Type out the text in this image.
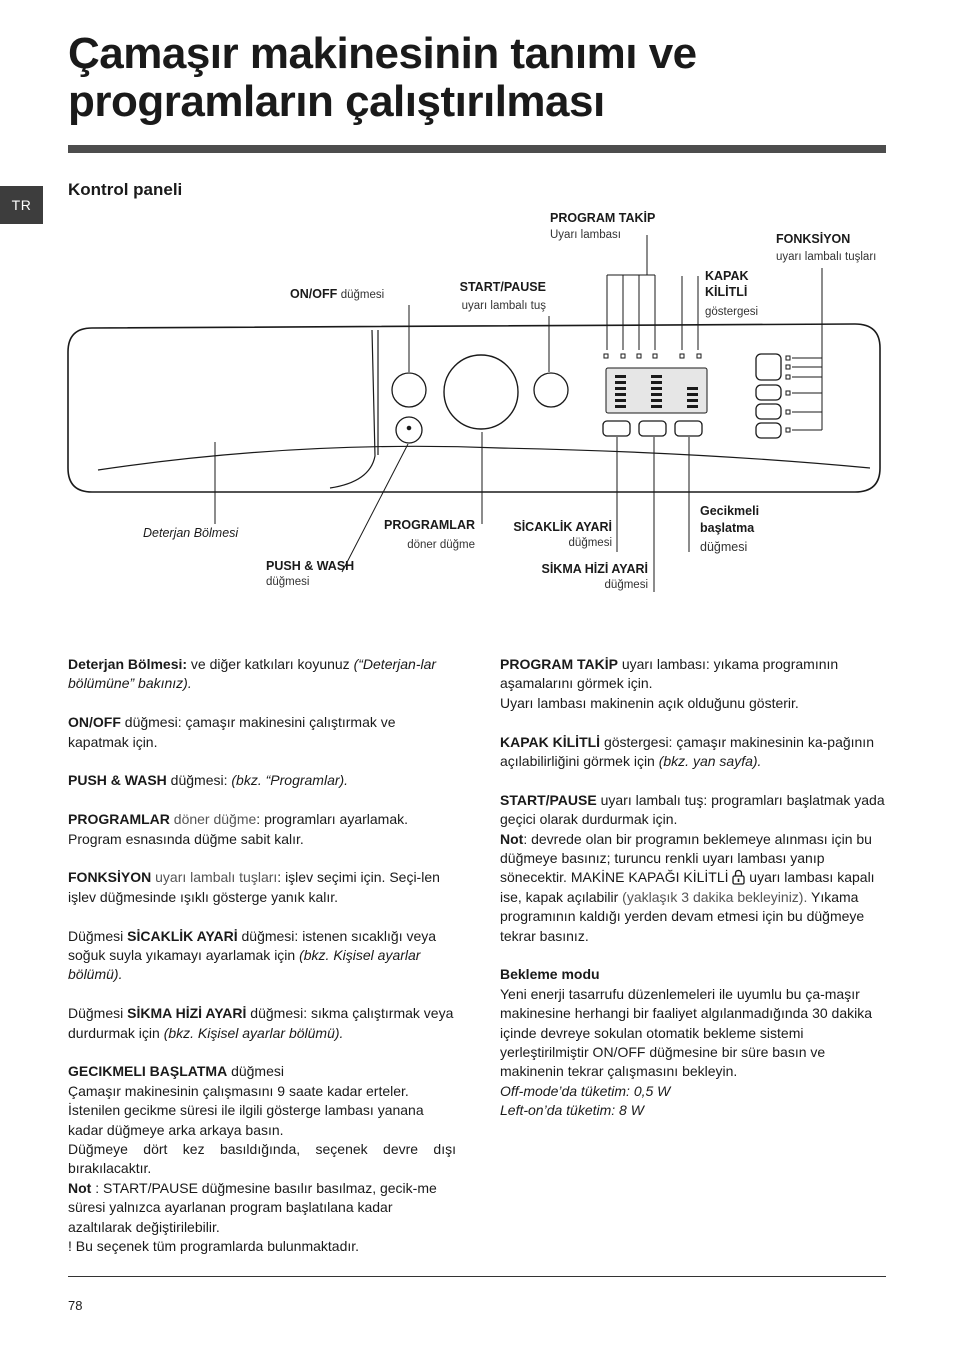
TR
Çamaşır makinesinin tanımı ve
programların çalıştırılması
Kontrol paneli
PROGRAM TAKİP
Uyarı lambası	FONKSİYON
uyarı lambalı tuşları
KAPAK
KİLİTLİ
göstergesi
START/PAUSE
uyarı lambalı tuş
ON/OFF düğmesi
Deterjan Bölmesi
PROGRAMLAR
döner düğme
PUSH & WASH
düğmesi
SİCAKLİK AYARİ
düğmesi
SİKMA HİZİ AYARİ
düğmesi
Gecikmeli
başlatma
düğmesi

Deterjan Bölmesi: ve diğer katkıları koyunuz (“Deterjan-lar bölümüne” bakınız).

ON/OFF düğmesi: çamaşır makinesini çalıştırmak ve kapatmak için.

PUSH & WASH düğmesi: (bkz. “Programlar).

PROGRAMLAR döner düğme: programları ayarlamak. Program esnasında düğme sabit kalır.

FONKSİYON uyarı lambalı tuşları: işlev seçimi için. Seçi-len işlev düğmesinde ışıklı gösterge yanık kalır.

Düğmesi SİCAKLİK AYARİ düğmesi: istenen sıcaklığı veya soğuk suyla yıkamayı ayarlamak için (bkz. Kişisel ayarlar bölümü).

Düğmesi SİKMA HİZİ AYARİ düğmesi: sıkma çalıştırmak veya durdurmak için (bkz. Kişisel ayarlar bölümü).

GECIKMELI BAŞLATMA düğmesi

Çamaşır makinesinin çalışmasını 9 saate kadar erteler. İstenilen gecikme süresi ile ilgili gösterge lambası yanana kadar düğmeye arka arkaya basın.

Düğmeye dört kez basıldığında, seçenek devre dışı bırakılacaktır.

Not : START/PAUSE düğmesine basılır basılmaz, gecik-me süresi yalnızca ayarlanan program başlatılana kadar azaltılarak değiştirilebilir.

! Bu seçenek tüm programlarda bulunmaktadır.

PROGRAM TAKİP uyarı lambası: yıkama programının aşamalarını görmek için.
Uyarı lambası makinenin açık olduğunu gösterir.

KAPAK KİLİTLİ göstergesi: çamaşır makinesinin ka-pağının açılabilirliğini görmek için (bkz. yan sayfa).

START/PAUSE uyarı lambalı tuş: programları başlatmak yada geçici olarak durdurmak için.
Not: devrede olan bir programın beklemeye alınması için bu düğmeye basınız; turuncu renkli uyarı lambası yanıp sönecektir. MAKİNE KAPAĞI KİLİTLİ  uyarı lambası kapalı ise, kapak açılabilir (yaklaşık 3 dakika bekleyiniz). Yıkama programının kaldığı yerden devam etmesi için bu düğmeye tekrar basınız.

Bekleme modu

Yeni enerji tasarrufu düzenlemeleri ile uyumlu bu ça-maşır makinesine herhangi bir faaliyet algılanmadığında 30 dakika içinde devreye sokulan otomatik bekleme sistemi yerleştirilmiştir ON/OFF düğmesine bir süre basın ve makinenin tekrar çalışmasını bekleyin.

Off-mode’da tüketim: 0,5 W

Left-on’da tüketim: 8 W

78
